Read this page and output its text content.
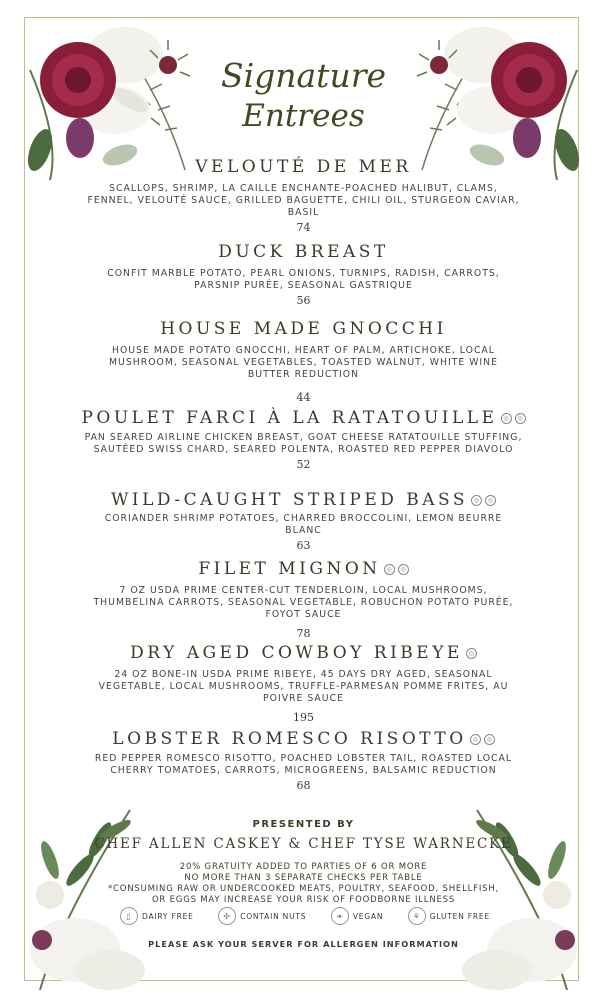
Signature
Entrees
VELOUTÉ DE MER
SCALLOPS, SHRIMP, LA CAILLE ENCHANTE-POACHED HALIBUT, CLAMS, FENNEL, VELOUTÉ SAUCE, GRILLED BAGUETTE, CHILI OIL, STURGEON CAVIAR, BASIL
74
DUCK BREAST
CONFIT MARBLE POTATO, PEARL ONIONS, TURNIPS, RADISH, CARROTS, PARSNIP PURÉE, SEASONAL GASTRIQUE
56
HOUSE MADE GNOCCHI
HOUSE MADE POTATO GNOCCHI, HEART OF PALM, ARTICHOKE, LOCAL MUSHROOM, SEASONAL VEGETABLES, TOASTED WALNUT, WHITE WINE BUTTER REDUCTION
44
POULET FARCI À LA RATATOUILLE ◎ ◎
PAN SEARED AIRLINE CHICKEN BREAST, GOAT CHEESE RATATOUILLE STUFFING, SAUTÉED SWISS CHARD, SEARED POLENTA, ROASTED RED PEPPER DIAVOLO
52
WILD-CAUGHT STRIPED BASS ◎ ◎
CORIANDER SHRIMP POTATOES, CHARRED BROCCOLINI, LEMON BEURRE BLANC
63
FILET MIGNON ◎ ◎
7 OZ USDA PRIME CENTER-CUT TENDERLOIN, LOCAL MUSHROOMS, THUMBELINA CARROTS, SEASONAL VEGETABLE, ROBUCHON POTATO PURÉE, FOYOT SAUCE
78
DRY AGED COWBOY RIBEYE ◎
24 OZ BONE-IN USDA PRIME RIBEYE, 45 DAYS DRY AGED, SEASONAL VEGETABLE, LOCAL MUSHROOMS, TRUFFLE-PARMESAN POMME FRITES, AU POIVRE SAUCE
195
LOBSTER ROMESCO RISOTTO ◎ ◎
RED PEPPER ROMESCO RISOTTO, POACHED LOBSTER TAIL, ROASTED LOCAL CHERRY TOMATOES, CARROTS, MICROGREENS, BALSAMIC REDUCTION
68
PRESENTED BY
CHEF ALLEN CASKEY & CHEF TYSE WARNECKE
20% GRATUITY ADDED TO PARTIES OF 6 OR MORE
NO MORE THAN 3 SEPARATE CHECKS PER TABLE
*CONSUMING RAW OR UNDERCOOKED MEATS, POULTRY, SEAFOOD, SHELLFISH, OR EGGS MAY INCREASE YOUR RISK OF FOODBORNE ILLNESS
▯	DAIRY FREE	✣	CONTAIN NUTS	❧	VEGAN	⚘	GLUTEN FREE
PLEASE ASK YOUR SERVER FOR ALLERGEN INFORMATION
